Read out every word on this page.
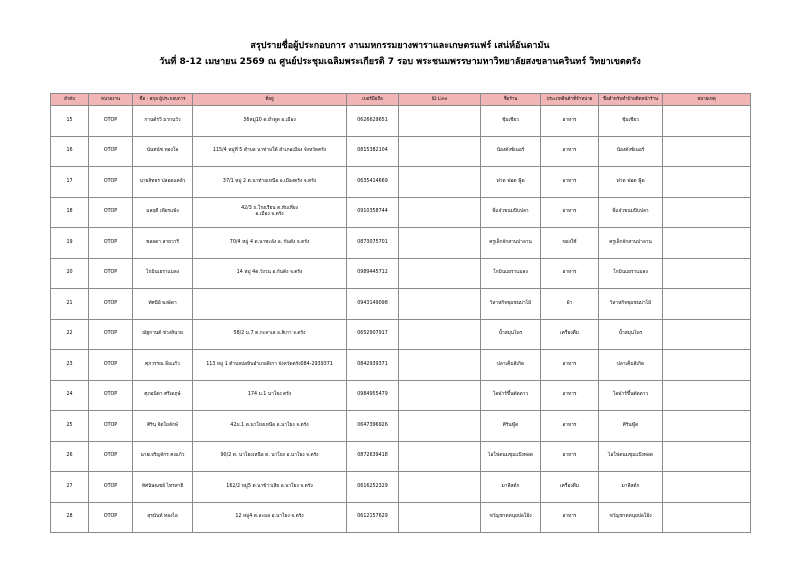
สรุปรายชื่อผู้ประกอบการ งานมหกรรมยางพาราและเกษตรแฟร์ เสน่ห์อันดามัน
วันที่ 8-12 เมษายน 2569 ณ ศูนย์ประชุมเฉลิมพระเกียรติ 7 รอบ พระชนมพรรษามหาวิทยาลัยสงขลานครินทร์ วิทยาเขตตรัง
ลำดับ	หน่วยงาน	ชื่อ - สกุล ผู้ประกอบการ	ที่อยู่	เบอร์มือถือ	ID Line	ชื่อร้าน	ประเภทสินค้าที่จำหน่าย	ชื่อสำหรับทำป้ายติดหน้าร้าน	หมายเหตุ
15	OTOP	กานต์รวี มากนวัว	36หมู่10 ต.ย่ำตูด อ.เมือง	0626629651		ชุ้มเชียว	อาหาร	ชุ้มเชียว	
16	OTOP	นันทนัช ทองโอ	115/4 หมู่ที่ 5 ตำบล นาท่ามใต้ อำเภอเมือง จังหวัดตรัง	0815382104		น้องดังซ์เนอร์	อาหาร	น้องดังซ์เนอร์	
17	OTOP	นายสิทธร ปลอดแคล้ว	37/1 หมู่ 2 ต.นาท่ามเหนือ อ.เมืองตรัง จ.ตรัง	0635414669		ฟาด ฟอต ฟู้ด	อาหาร	ฟาด ฟอต ฟู้ด	
18	OTOP	มลฤดี เพียรแพ้ง	42/3 ถ.โรงเรียน ต.ทับเที่ยง
อ.เมือง จ.ตรัง	0910358744		พี่แจ๋วขนมปิบปลา	อาหาร	พี่แจ๋วขนมปิบปลา	
19	OTOP	ชลลดา สายวารี	70/4 หมู่ 4 ต.นาชะอัง อ. กันตัง จ.ตรัง	0873075701		ครูเล็กจักสานปาลาน	ของใช้	ครูเล็กจักสานปาลาน	
20	OTOP	โกมินเยราแมลง	14 หมู่ 4ต.วังวน อ.กันตัง จ.ตรัง	0989445712		โกมินแยราแมลง	อาหาร	โกมินแยราแมลง	
21	OTOP	ทัศนีย์ พงษ์ดา		0943149098		วิสาหกิจชุมชนบ่าไม้	ผ้า	วิสาหกิจชุมชนบ่าไม้	
22	OTOP	ณัฐกานต์ ช่วงสินาย	58/2 ม.7 ต.กะลาเส อ.สิเกา จ.ตรัง	0652907917		น้ำสมุนไพร	เครื่องดื่ม	น้ำสมุนไพร	
23	OTOP	ศุภวรรณ อิ่มแก้ว	113 หมู่ 1 ตำบลบ่อหินอำเภอสิเกา จังหวัดตรัง084-2939371	0842939371		ปลาเค็มสิเกิด	อาหาร	ปลาเค็มสิเกิด	
24	OTOP	ศุภอนิดา ศรีเดฤษ์	174 ม.1 นาโยง ตรัง	0984955479		โอฬาร์ขึ้นตัดดาว	อาหาร	โอฬาร์ขึ้นตัดดาว	
25	OTOP	ศิรินุ จิตโยลักษ์	42ม.1 ต.นาโยงเหนือ อ.นาโยง จ.ตรัง	0647396926		ศิรินฟู้ด	อาหาร	ศิรินฟู้ด	
26	OTOP	นายเจริญจักร คงแก้ว	90/2 ต. นาโยงเหนือ ต. นาโยง อ.นาโยง จ.ตรัง	0872639418		ไอโฟดนมชุมแป้งทอด	อาหาร	ไอโฟดนมชุมแป้งทอด	
27	OTOP	ทัศนิษณชย์ ไทรสายี	162/2 หมู่5 ต.นาข้าวเสีย อ.นาโยง จ.ตรัง	0616252329		มาลีสต์ก	เครื่องดื่ม	มาลีสต์ก	
28	OTOP	สุรนันท์ ทองไอ	12 หมู่4 ต.ละมอ อ.นาโยง จ.ตรัง	0612157629		ขวัญชาดหนุยปอโอ้ง	อาหาร	ขวัญชาดหนุยปอโอ้ง	
